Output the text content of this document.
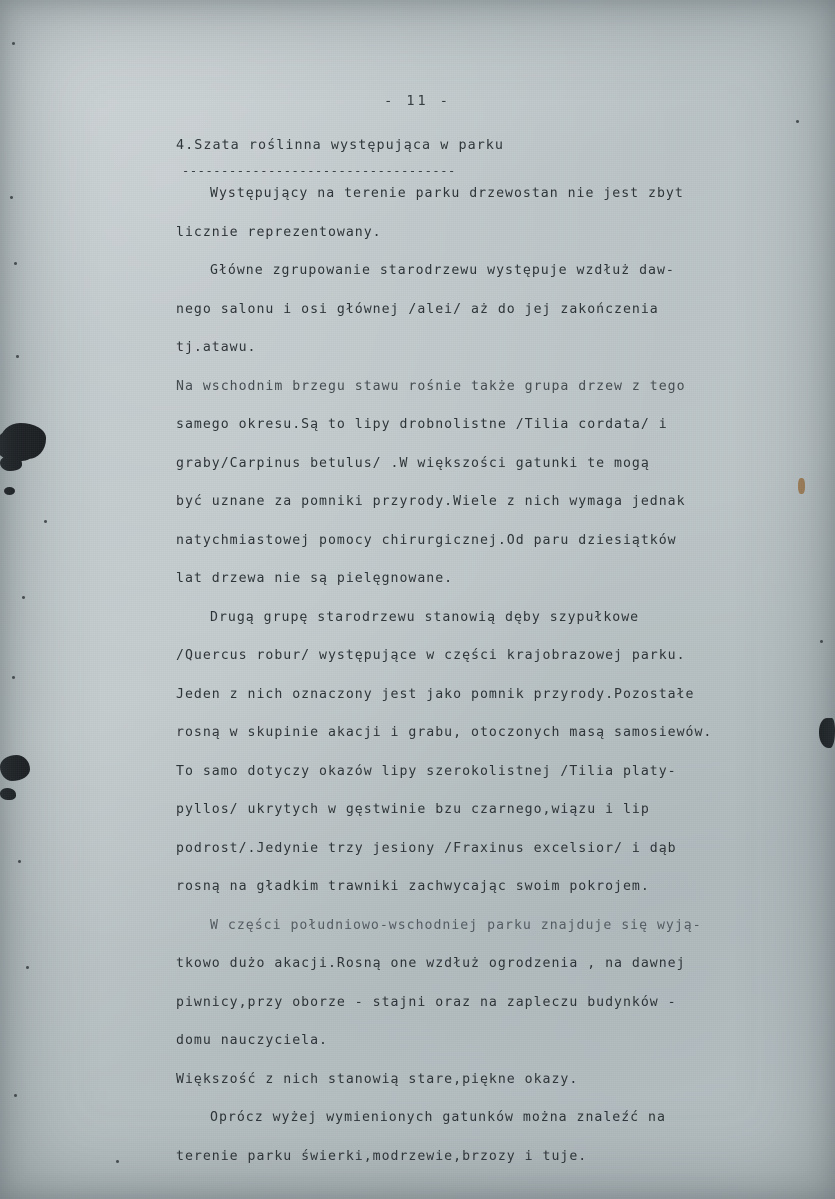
- 11 -
4.Szata roślinna występująca w parku
-----------------------------------
Występujący na terenie parku drzewostan nie jest zbyt
licznie reprezentowany.
Główne zgrupowanie starodrzewu występuje wzdłuż daw-
nego salonu i osi głównej /alei/ aż do jej zakończenia
tj.atawu.
Na wschodnim brzegu stawu rośnie także grupa drzew z tego
samego okresu.Są to lipy drobnolistne /Tilia cordata/ i
graby/Carpinus betulus/ .W większości gatunki te mogą
być uznane za pomniki przyrody.Wiele z nich wymaga jednak
natychmiastowej pomocy chirurgicznej.Od paru dziesiątków
lat drzewa nie są pielęgnowane.
Drugą grupę starodrzewu stanowią dęby szypułkowe
/Quercus robur/ występujące w części krajobrazowej parku.
Jeden z nich oznaczony jest jako pomnik przyrody.Pozostałe
rosną w skupinie akacji i grabu, otoczonych masą samosiewów.
To samo dotyczy okazów lipy szerokolistnej /Tilia platy-
pyllos/ ukrytych w gęstwinie bzu czarnego,wiązu i lip
podrost/.Jedynie trzy jesiony /Fraxinus excelsior/ i dąb
rosną na gładkim trawniki zachwycając swoim pokrojem.
W części południowo-wschodniej parku znajduje się wyją-
tkowo dużo akacji.Rosną one wzdłuż ogrodzenia , na dawnej
piwnicy,przy oborze - stajni oraz na zapleczu budynków -
domu nauczyciela.
Większość z nich stanowią stare,piękne okazy.
Oprócz wyżej wymienionych gatunków można znaleźć na
terenie parku świerki,modrzewie,brzozy i tuje.
